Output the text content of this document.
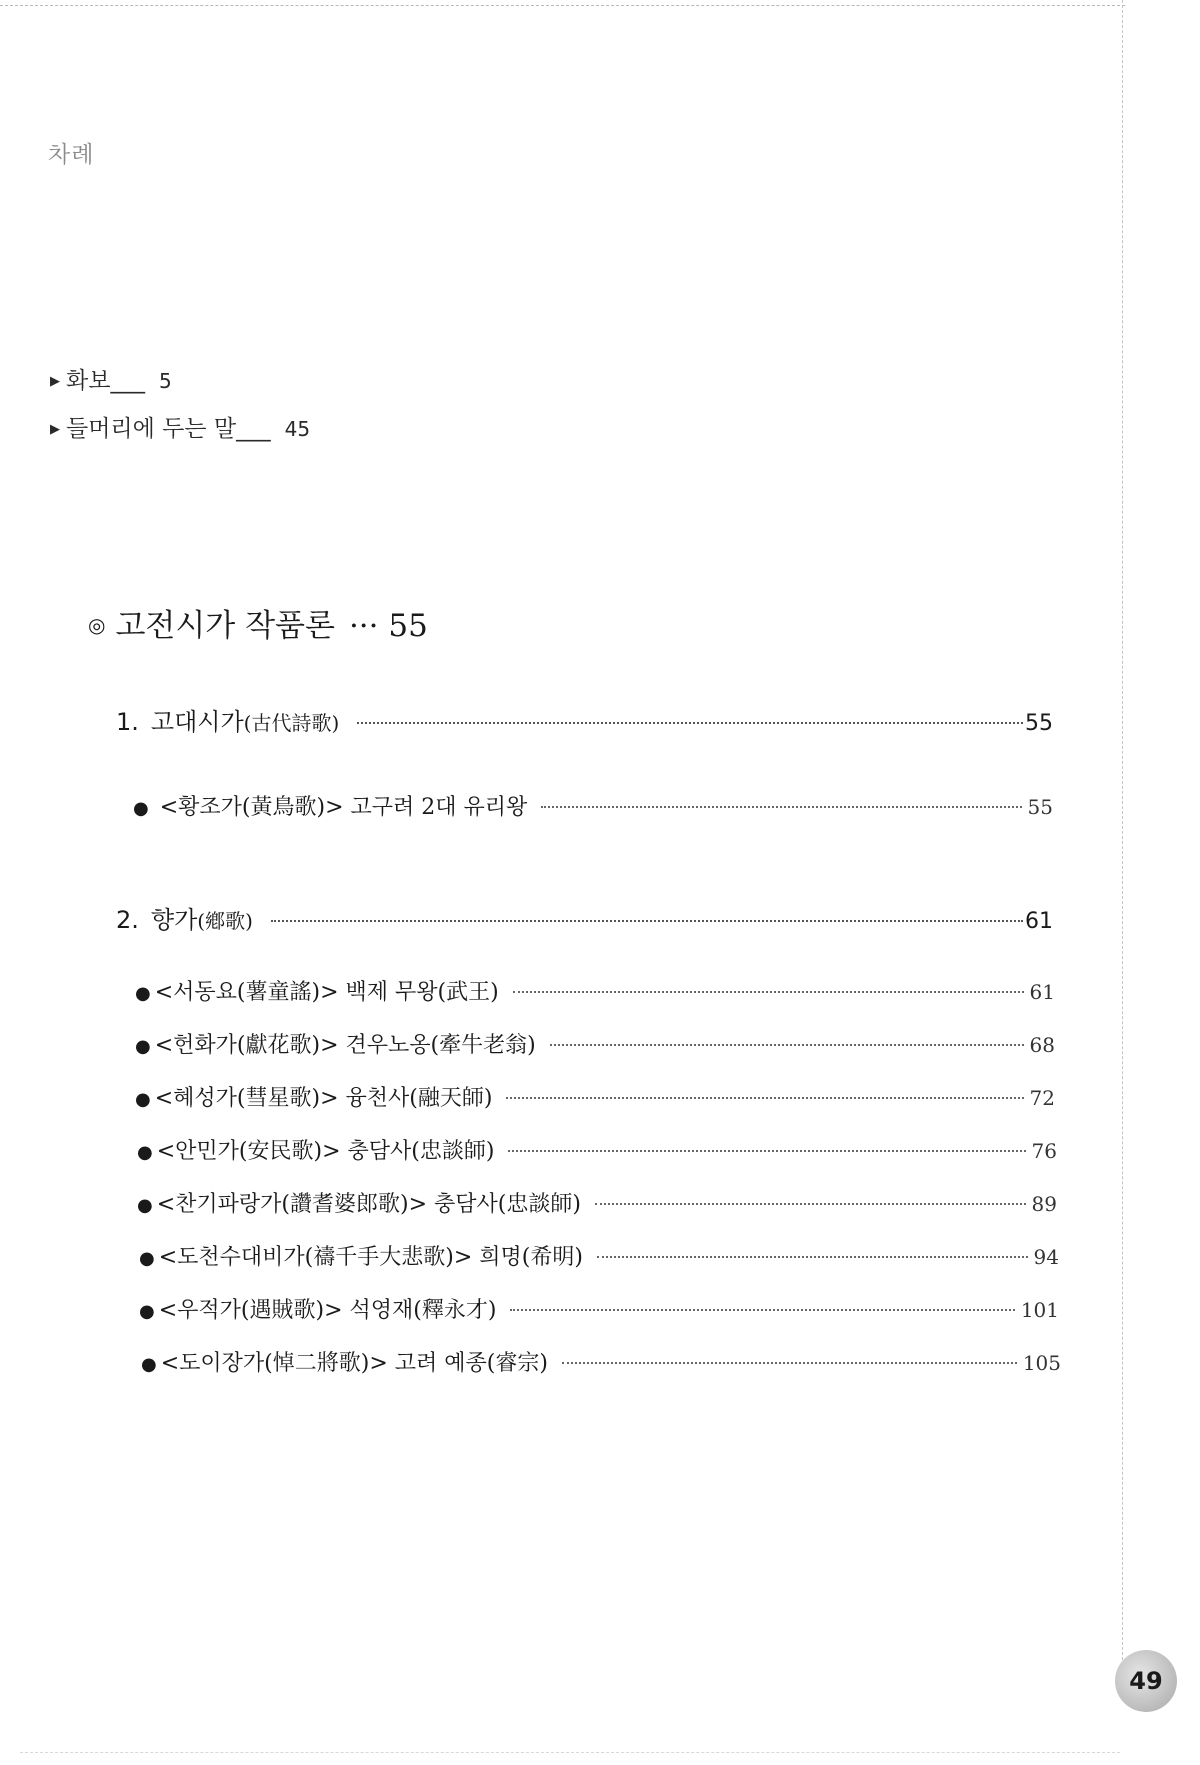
차례
▶ 화보___ 5
▶ 들머리에 두는 말___ 45
◎ 고전시가 작품론 ··· 55
1. 고대시가(古代詩歌)	55
● <황조가(黃鳥歌)> 고구려 2대 유리왕	55
2. 향가(鄕歌)	61
● <서동요(薯童謠)> 백제 무왕(武王)	61
● <헌화가(獻花歌)> 견우노옹(牽牛老翁)	68
● <혜성가(彗星歌)> 융천사(融天師)	72
● <안민가(安民歌)> 충담사(忠談師)	76
● <찬기파랑가(讚耆婆郎歌)> 충담사(忠談師)	89
● <도천수대비가(禱千手大悲歌)> 희명(希明)	94
● <우적가(遇賊歌)> 석영재(釋永才)	101
● <도이장가(悼二將歌)> 고려 예종(睿宗)	105
49
